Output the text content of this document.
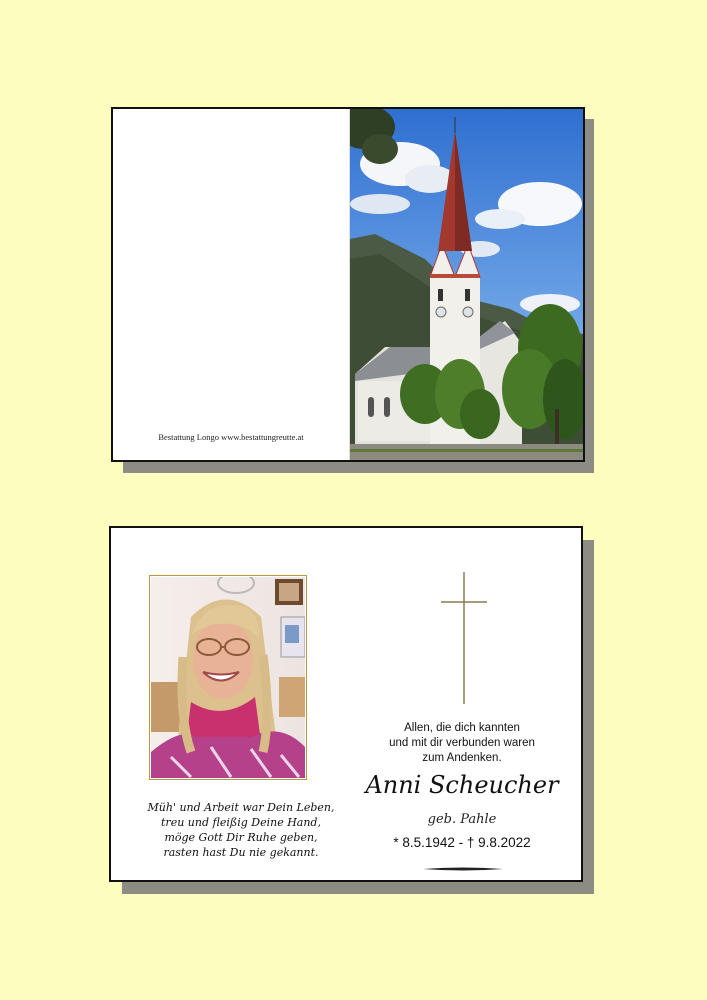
Bestattung Longo www.bestattungreutte.at
Müh' und Arbeit war Dein Leben,
treu und fleißig Deine Hand,
möge Gott Dir Ruhe geben,
rasten hast Du nie gekannt.
Allen, die dich kannten
und mit dir verbunden waren
zum Andenken.
Anni Scheucher
geb. Pahle
* 8.5.1942 - † 9.8.2022
